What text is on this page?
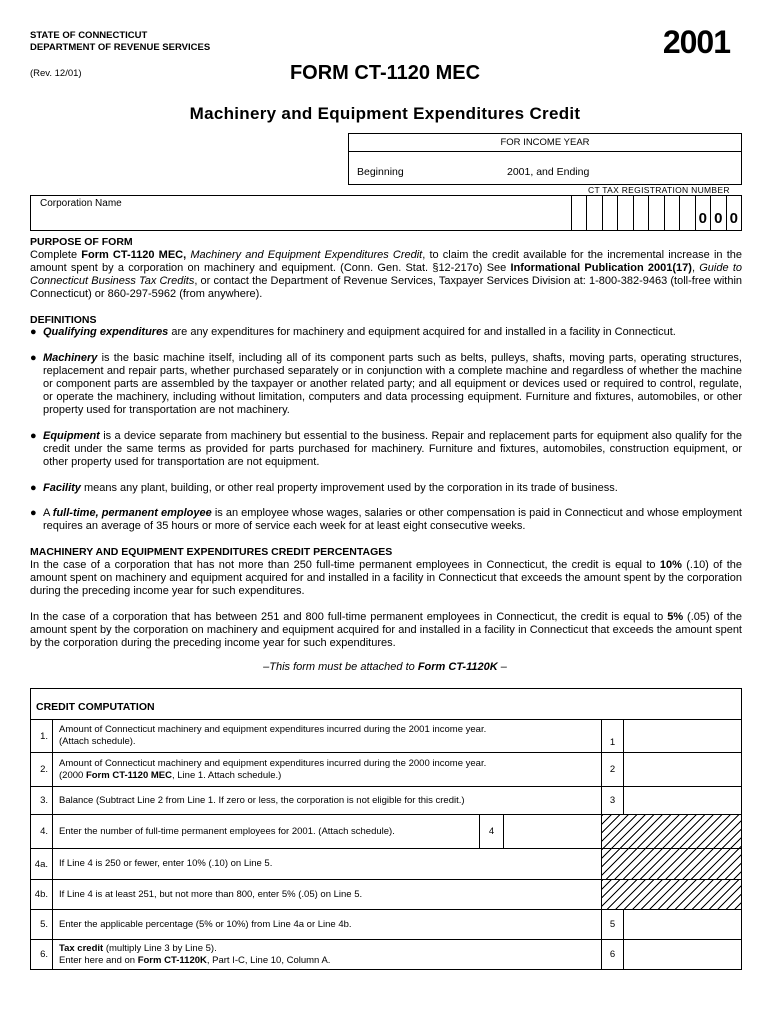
STATE OF CONNECTICUT
DEPARTMENT OF REVENUE SERVICES	2001
(Rev. 12/01)	FORM CT-1120 MEC
Machinery and Equipment Expenditures Credit
FOR INCOME YEAR
Beginning	2001, and Ending
CT TAX REGISTRATION NUMBER
Corporation Name
0 0 0
PURPOSE OF FORM
Complete Form CT-1120 MEC, Machinery and Equipment Expenditures Credit, to claim the credit available for the incremental increase in the amount spent by a corporation on machinery and equipment. (Conn. Gen. Stat. §12-217o) See Informational Publication 2001(17), Guide to Connecticut Business Tax Credits, or contact the Department of Revenue Services, Taxpayer Services Division at: 1-800-382-9463 (toll-free within Connecticut) or 860-297-5962 (from anywhere).
DEFINITIONS
● Qualifying expenditures are any expenditures for machinery and equipment acquired for and installed in a facility in Connecticut.
● Machinery is the basic machine itself, including all of its component parts such as belts, pulleys, shafts, moving parts, operating structures, replacement and repair parts, whether purchased separately or in conjunction with a complete machine and regardless of whether the machine or component parts are assembled by the taxpayer or another related party; and all equipment or devices used or required to control, regulate, or operate the machinery, including without limitation, computers and data processing equipment. Furniture and fixtures, automobiles, or other property used for transportation are not machinery.
● Equipment is a device separate from machinery but essential to the business. Repair and replacement parts for equipment also qualify for the credit under the same terms as provided for parts purchased for machinery. Furniture and fixtures, automobiles, construction equipment, or other property used for transportation are not equipment.
● Facility means any plant, building, or other real property improvement used by the corporation in its trade of business.
● A full-time, permanent employee is an employee whose wages, salaries or other compensation is paid in Connecticut and whose employment requires an average of 35 hours or more of service each week for at least eight consecutive weeks.
MACHINERY AND EQUIPMENT EXPENDITURES CREDIT PERCENTAGES
In the case of a corporation that has not more than 250 full-time permanent employees in Connecticut, the credit is equal to 10% (.10) of the amount spent on machinery and equipment acquired for and installed in a facility in Connecticut that exceeds the amount spent by the corporation during the preceding income year for such expenditures.
In the case of a corporation that has between 251 and 800 full-time permanent employees in Connecticut, the credit is equal to 5% (.05) of the amount spent by the corporation on machinery and equipment acquired for and installed in a facility in Connecticut that exceeds the amount spent by the corporation during the preceding income year for such expenditures.
–This form must be attached to Form CT-1120K –
CREDIT COMPUTATION
1.
Amount of Connecticut machinery and equipment expenditures incurred during the 2001 income year.
(Attach schedule).	1
2.
Amount of Connecticut machinery and equipment expenditures incurred during the 2000 income year.
(2000 Form CT-1120 MEC, Line 1. Attach schedule.)	2
3.	Balance (Subtract Line 2 from Line 1. If zero or less, the corporation is not eligible for this credit.)	3
4.	Enter the number of full-time permanent employees for 2001. (Attach schedule).	4
4a.	If Line 4 is 250 or fewer, enter 10% (.10) on Line 5.
4b.	If Line 4 is at least 251, but not more than 800, enter 5% (.05) on Line 5.
5.	Enter the applicable percentage (5% or 10%) from Line 4a or Line 4b.	5
6.
Tax credit (multiply Line 3 by Line 5).
Enter here and on Form CT-1120K, Part I-C, Line 10, Column A.	6
